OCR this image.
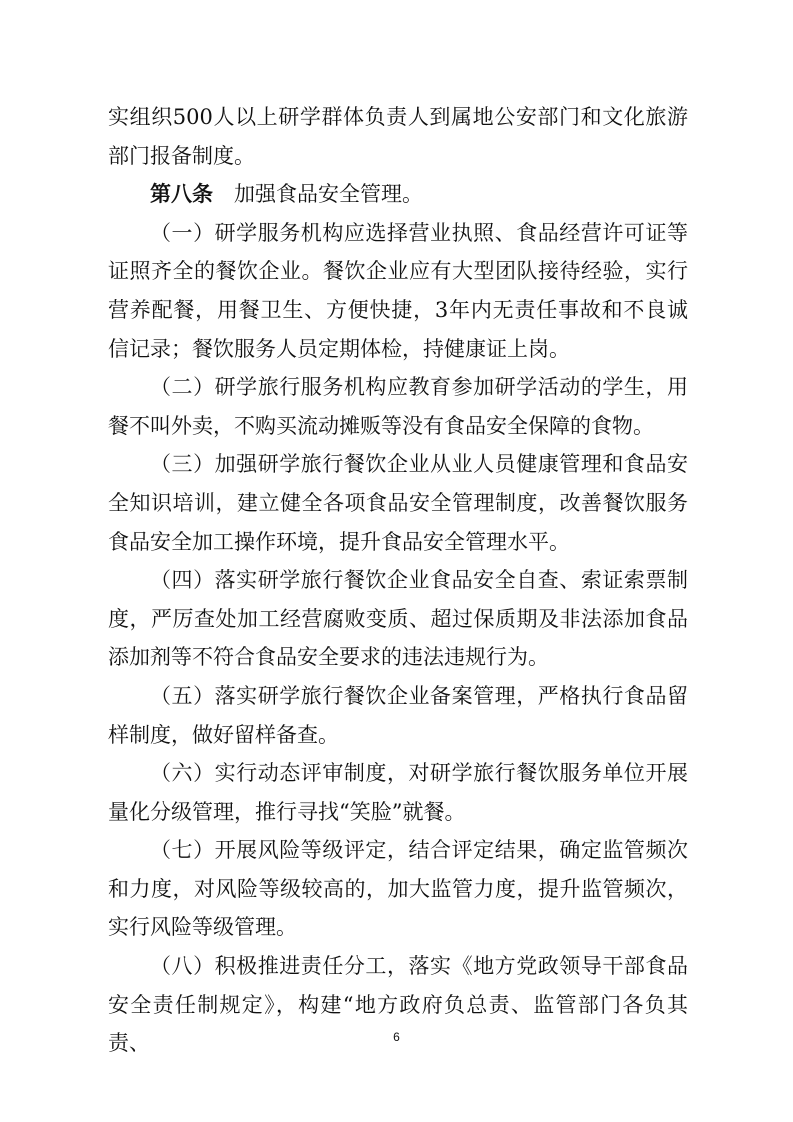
实组织500人以上研学群体负责人到属地公安部门和文化旅游部门报备制度。

第八条　加强食品安全管理。

（一）研学服务机构应选择营业执照、食品经营许可证等证照齐全的餐饮企业。餐饮企业应有大型团队接待经验，实行营养配餐，用餐卫生、方便快捷，3年内无责任事故和不良诚信记录；餐饮服务人员定期体检，持健康证上岗。

（二）研学旅行服务机构应教育参加研学活动的学生，用餐不叫外卖，不购买流动摊贩等没有食品安全保障的食物。

（三）加强研学旅行餐饮企业从业人员健康管理和食品安全知识培训，建立健全各项食品安全管理制度，改善餐饮服务食品安全加工操作环境，提升食品安全管理水平。

（四）落实研学旅行餐饮企业食品安全自查、索证索票制度，严厉查处加工经营腐败变质、超过保质期及非法添加食品添加剂等不符合食品安全要求的违法违规行为。

（五）落实研学旅行餐饮企业备案管理，严格执行食品留样制度，做好留样备查。

（六）实行动态评审制度，对研学旅行餐饮服务单位开展量化分级管理，推行寻找“笑脸”就餐。

（七）开展风险等级评定，结合评定结果，确定监管频次和力度，对风险等级较高的，加大监管力度，提升监管频次，实行风险等级管理。

（八）积极推进责任分工，落实《地方党政领导干部食品安全责任制规定》，构建“地方政府负总责、监管部门各负其责、	6
